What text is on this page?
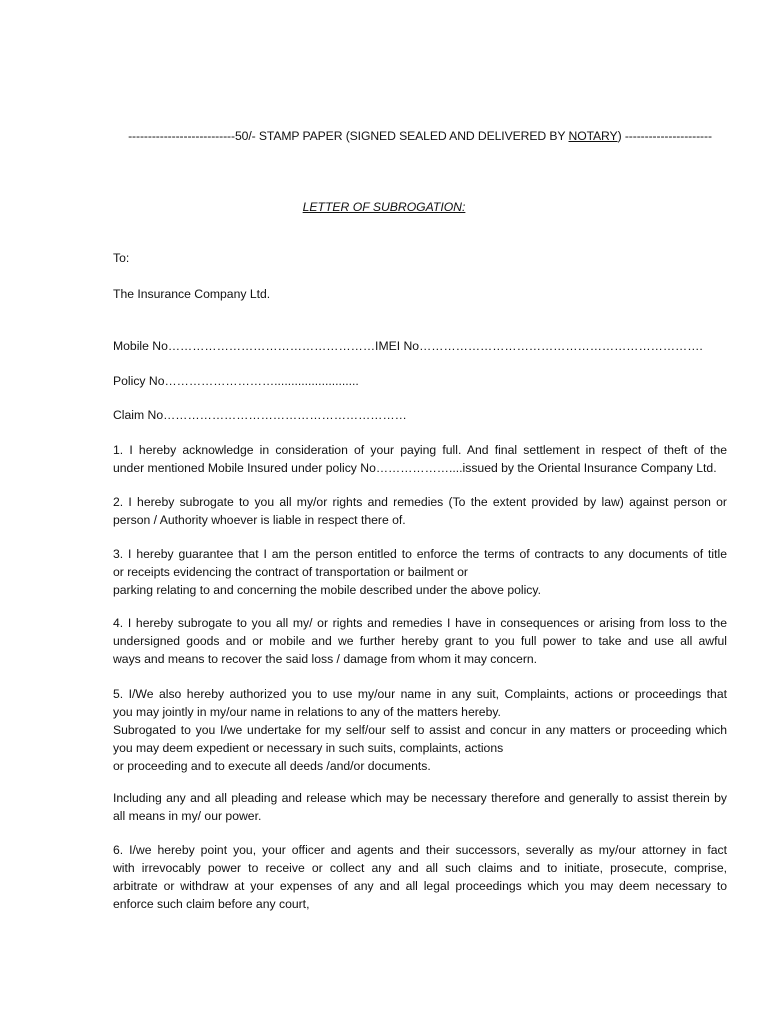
---------------------------50/- STAMP PAPER (SIGNED SEALED AND DELIVERED BY NOTARY) ----------------------
LETTER OF SUBROGATION:
To:
The Insurance Company Ltd.
Mobile No……………………………………………IMEI No…………………………………………………………….
Policy No……………………….........................
Claim No……………………………………………………
1. I hereby acknowledge in consideration of your paying full. And final settlement in respect of theft of the
under mentioned Mobile Insured under policy No………………....issued by the Oriental Insurance Company Ltd.
2. I hereby subrogate to you all my/or rights and remedies (To the extent provided by law) against person or
person / Authority whoever is liable in respect there of.
3. I hereby guarantee that I am the person entitled to enforce the terms of contracts to any documents of title
or receipts evidencing the contract of transportation or bailment or
parking relating to and concerning the mobile described under the above policy.
4. I hereby subrogate to you all my/ or rights and remedies I have in consequences or arising from loss to the
undersigned goods and or mobile and we further hereby grant to you full power to take and use all awful
ways and means to recover the said loss / damage from whom it may concern.
5. I/We also hereby authorized you to use my/our name in any suit, Complaints, actions or proceedings that
you may jointly in my/our name in relations to any of the matters hereby.
Subrogated to you I/we undertake for my self/our self to assist and concur in any matters or proceeding which
you may deem expedient or necessary in such suits, complaints, actions
or proceeding and to execute all deeds /and/or documents.
Including any and all pleading and release which may be necessary therefore and generally to assist therein by
all means in my/ our power.
6. I/we hereby point you, your officer and agents and their successors, severally as my/our attorney in fact
with irrevocably power to receive or collect any and all such claims and to initiate, prosecute, comprise,
arbitrate or withdraw at your expenses of any and all legal proceedings which you may deem necessary to
enforce such claim before any court,
